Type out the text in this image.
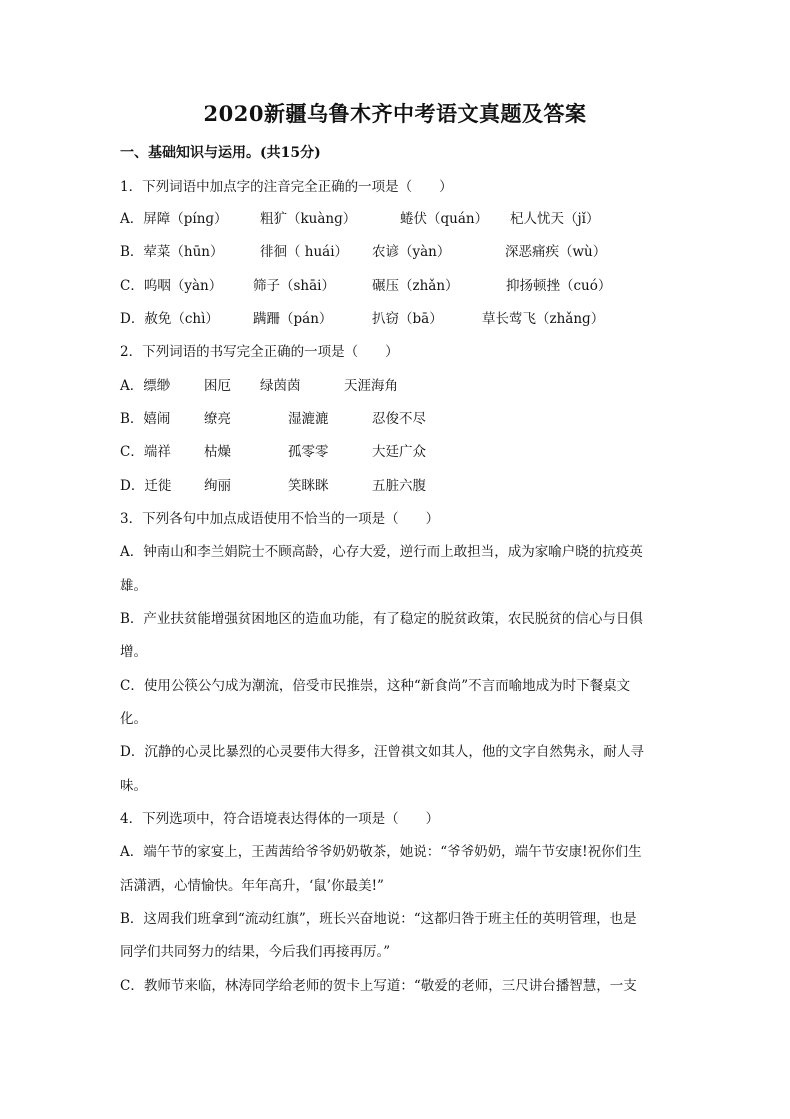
2020新疆乌鲁木齐中考语文真题及答案
一、基础知识与运用。(共15分)
1．下列词语中加点字的注音完全正确的一项是（　　）
A．屏障（pínɡ） 粗犷（kuànɡ）	蜷伏（quán） 杞人忧天（jǐ）
B．荤菜（hūn）	徘徊（ huái） 农谚（yàn）	深恶痛疾（wù）
C．呜咽（yàn） 筛子（shāi）	碾压（zhǎn）	抑扬顿挫（cuó）
D．赦免（chì）	蹒跚（pán）	扒窃（bā）	草长莺飞（zhǎnɡ）
2．下列词语的书写完全正确的一项是（　　）
A．缥缈	困厄 绿茵茵	天涯海角
B．嬉闹 缭亮	湿漉漉	忍俊不尽
C．端祥 枯燥	孤零零	大廷广众
D．迁徙 绚丽	笑眯眯	五脏六腹
3．下列各句中加点成语使用不恰当的一项是（　　）
A．钟南山和李兰娟院士不顾高龄，心存大爱，逆行而上敢担当，成为家喻户晓的抗疫英
雄。
B．产业扶贫能增强贫困地区的造血功能，有了稳定的脱贫政策，农民脱贫的信心与日俱
增。
C．使用公筷公勺成为潮流，倍受市民推崇，这种“新食尚”不言而喻地成为时下餐桌文
化。
D．沉静的心灵比暴烈的心灵要伟大得多，汪曾祺文如其人，他的文字自然隽永，耐人寻
味。
4．下列选项中，符合语境表达得体的一项是（　　）
A．端午节的家宴上，王茜茜给爷爷奶奶敬茶，她说：“爷爷奶奶，端午节安康!祝你们生
活潇洒，心情愉快。年年高升，‘鼠’你最美!”
B．这周我们班拿到“流动红旗”，班长兴奋地说：“这都归咎于班主任的英明管理，也是
同学们共同努力的结果，今后我们再接再厉。”
C．教师节来临，林涛同学给老师的贺卡上写道：“敬爱的老师，三尺讲台播智慧，一支
